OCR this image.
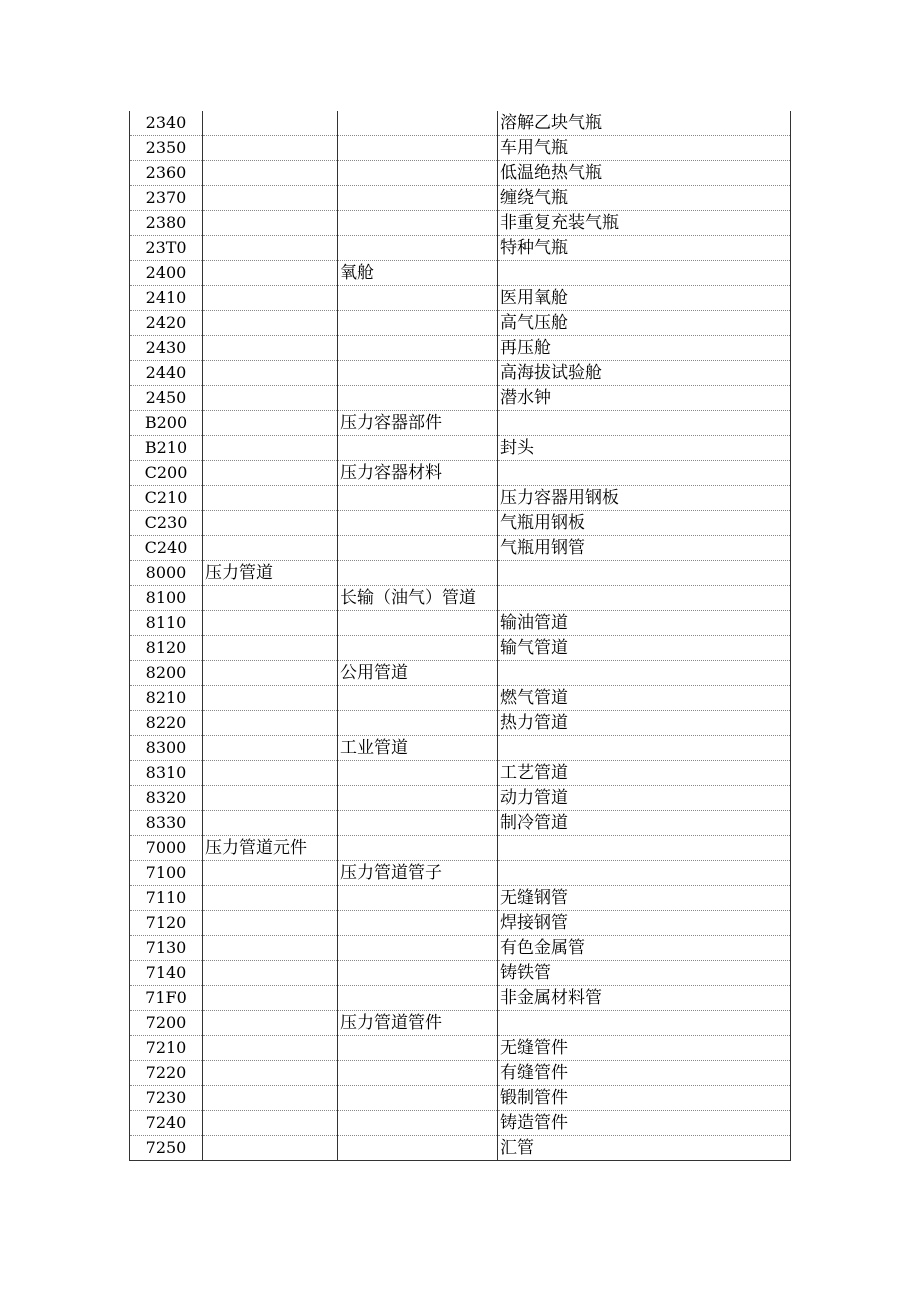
2340			溶解乙块气瓶
2350			车用气瓶
2360			低温绝热气瓶
2370			缠绕气瓶
2380			非重复充装气瓶
23T0			特种气瓶
2400		氧舱	
2410			医用氧舱
2420			高气压舱
2430			再压舱
2440			高海拔试验舱
2450			潜水钟
B200		压力容器部件	
B210			封头
C200		压力容器材料	
C210			压力容器用钢板
C230			气瓶用钢板
C240			气瓶用钢管
8000	压力管道		
8100		长输（油气）管道	
8110			输油管道
8120			输气管道
8200		公用管道	
8210			燃气管道
8220			热力管道
8300		工业管道	
8310			工艺管道
8320			动力管道
8330			制冷管道
7000	压力管道元件		
7100		压力管道管子	
7110			无缝钢管
7120			焊接钢管
7130			有色金属管
7140			铸铁管
71F0			非金属材料管
7200		压力管道管件	
7210			无缝管件
7220			有缝管件
7230			锻制管件
7240			铸造管件
7250			汇管
